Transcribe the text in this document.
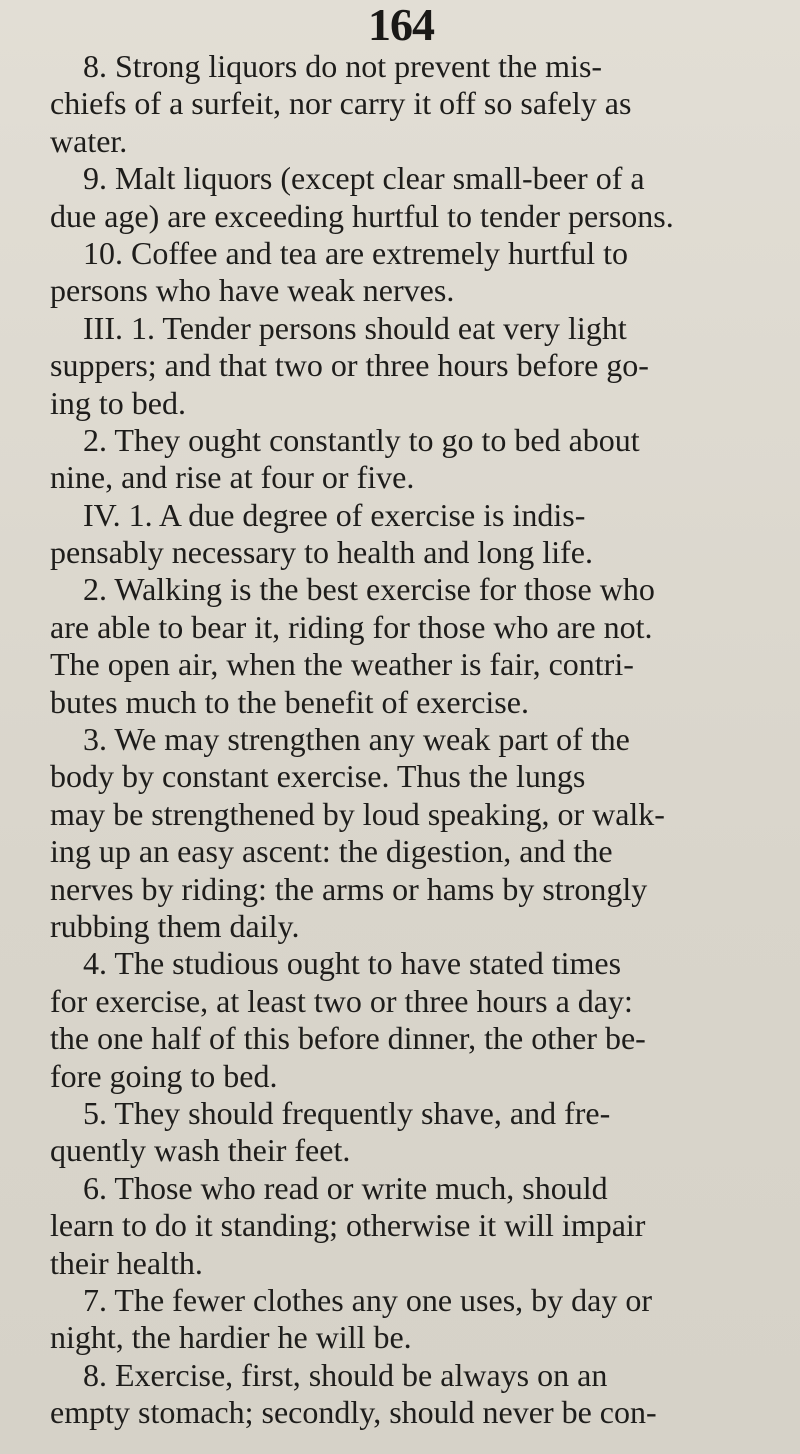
164
8. Strong liquors do not prevent the mis-
chiefs of a surfeit, nor carry it off so safely as
water.
9. Malt liquors (except clear small-beer of a
due age) are exceeding hurtful to tender persons.
10. Coffee and tea are extremely hurtful to
persons who have weak nerves.
III. 1. Tender persons should eat very light
suppers; and that two or three hours before go-
ing to bed.
2. They ought constantly to go to bed about
nine, and rise at four or five.
IV. 1. A due degree of exercise is indis-
pensably necessary to health and long life.
2. Walking is the best exercise for those who
are able to bear it, riding for those who are not.
The open air, when the weather is fair, contri-
butes much to the benefit of exercise.
3. We may strengthen any weak part of the
body by constant exercise. Thus the lungs
may be strengthened by loud speaking, or walk-
ing up an easy ascent: the digestion, and the
nerves by riding: the arms or hams by strongly
rubbing them daily.
4. The studious ought to have stated times
for exercise, at least two or three hours a day:
the one half of this before dinner, the other be-
fore going to bed.
5. They should frequently shave, and fre-
quently wash their feet.
6. Those who read or write much, should
learn to do it standing; otherwise it will impair
their health.
7. The fewer clothes any one uses, by day or
night, the hardier he will be.
8. Exercise, first, should be always on an
empty stomach; secondly, should never be con-
